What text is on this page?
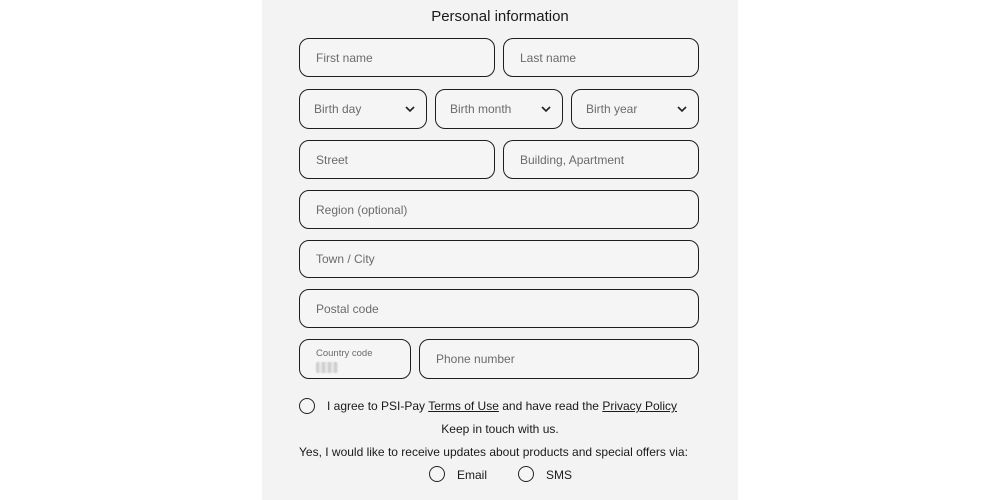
Personal information
First name	Last name
Birth day	Birth month	Birth year
Street	Building, Apartment
Region (optional)
Town / City
Postal code
Country code	Phone number
I agree to PSI-Pay Terms of Use and have read the Privacy Policy
Keep in touch with us.
Yes, I would like to receive updates about products and special offers via:
Email	SMS
